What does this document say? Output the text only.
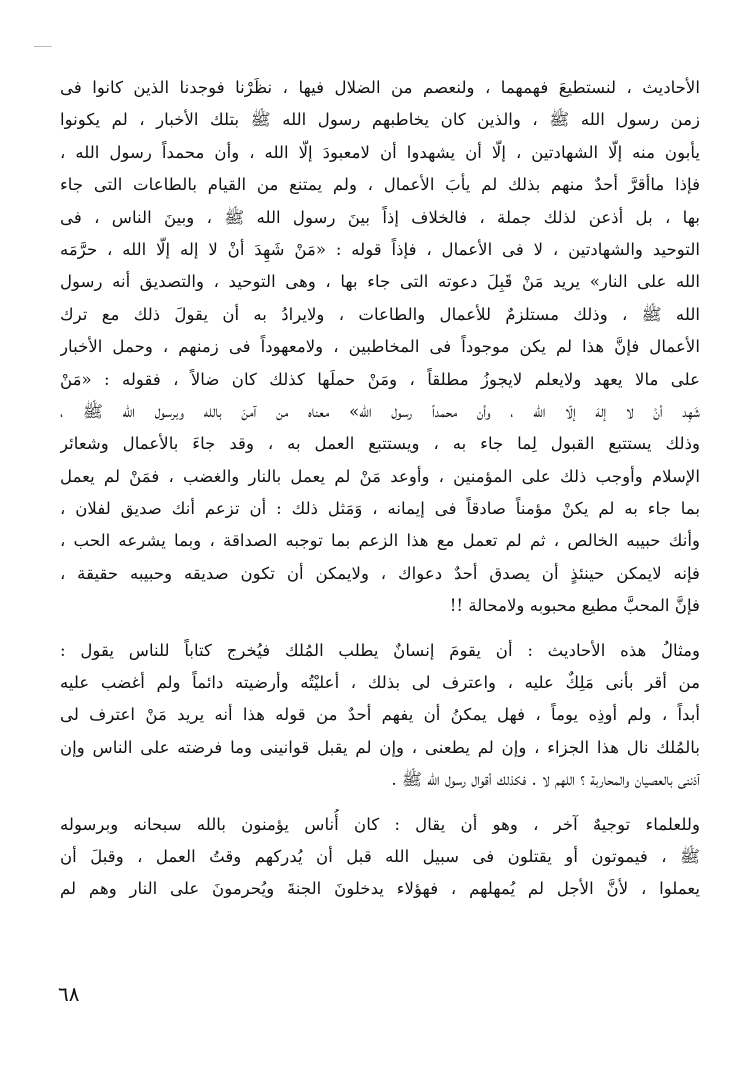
الأحاديث ، لنستطيعَ فهمهما ، ولنعصم من الضلال فيها ، نظَرْنا فوجدنا الذين كانوا فى
زمن رسول الله ﷺ ، والذين كان يخاطبهم رسول الله ﷺ بتلك الأخبار ، لم يكونوا
يأبون منه إلّا الشهادتين ، إلّا أن يشهدوا أن لامعبودَ إلّا الله ، وأن محمداً رسول الله ،
فإذا ماأقرَّ أحدٌ منهم بذلك لم يأبَ الأعمال ، ولم يمتنع من القيام بالطاعات التى جاء
بها ، بل أذعن لذلك جملة ، فالخلاف إذاً بينَ رسول الله ﷺ ، وبينَ الناس ، فى
التوحيد والشهادتين ، لا فى الأعمال ، فإذاً قوله : «مَنْ شَهِدَ أنْ لا إله إلّا الله ، حرَّمَه
الله على النار» يريد مَنْ قَبِلَ دعوته التى جاء بها ، وهى التوحيد ، والتصديق أنه رسول
الله ﷺ ، وذلك مستلزمٌ للأعمال والطاعات ، ولايرادُ به أن يقولَ ذلك مع ترك
الأعمال فإنَّ هذا لم يكن موجوداً فى المخاطبين ، ولامعهوداً فى زمنهم ، وحمل الأخبار
على مالا يعهد ولايعلم لايجوزُ مطلقاً ، ومَنْ حملَها كذلك كان ضالاً ، فقوله : «مَنْ
شَهِد أنْ لا إلهَ إلّا الله ، وأن محمداً رسول الله» معناه من آمنَ بالله وبرسول الله ﷺ ،
وذلك يستتبع القبول لِما جاء به ، ويستتبع العمل به ، وقد جاءَ بالأعمال وشعائر
الإسلام وأوجب ذلك على المؤمنين ، وأوعد مَنْ لم يعمل بالنار والغضب ، فمَنْ لم يعمل
بما جاء به لم يكنْ مؤمناً صادقاً فى إيمانه ، وَمَثل ذلك : أن تزعم أنك صديق لفلان ،
وأنك حبيبه الخالص ، ثم لم تعمل مع هذا الزعم بما توجبه الصداقة ، وبما يشرعه الحب ،
فإنه لايمكن حينئذٍ أن يصدق أحدٌ دعواك ، ولايمكن أن تكون صديقه وحبيبه حقيقة ،
فإنَّ المحبَّ مطيع محبوبه ولامحالة !!
ومثالُ هذه الأحاديث : أن يقومَ إنسانٌ يطلب المُلك فيُخرج كتاباً للناس يقول :
من أقر بأنى مَلِكٌ عليه ، واعترف لى بذلك ، أعليْتُه وأرضيته دائماً ولم أغضب عليه
أبداً ، ولم أوذِه يوماً ، فهل يمكنُ أن يفهم أحدٌ من قوله هذا أنه يريد مَنْ اعترف لى
بالمُلك نال هذا الجزاء ، وإن لم يطعنى ، وإن لم يقبل قوانينى وما فرضته على الناس وإن
آذننى بالعصيان والمحاربة ؟ اللهم لا . فكذلك أقوال رسول الله ﷺ .
وللعلماء توجيهٌ آخر ، وهو أن يقال : كان أُناس يؤمنون بالله سبحانه وبرسوله
ﷺ ، فيموتون أو يقتلون فى سبيل الله قبل أن يُدركهم وقتُ العمل ، وقبلَ أن
يعملوا ، لأنَّ الأجل لم يُمهلهم ، فهؤلاء يدخلونَ الجنةَ ويُحرمونَ على النار وهم لم
٦٨
